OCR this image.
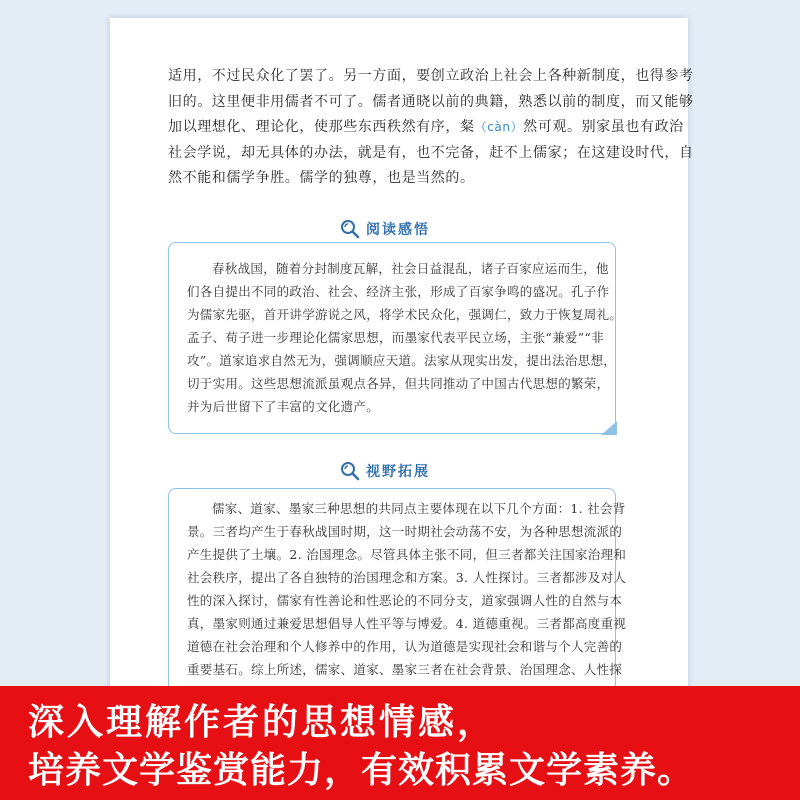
适用，不过民众化了罢了。另一方面，要创立政治上社会上各种新制度，也得参考
旧的。这里便非用儒者不可了。儒者通晓以前的典籍，熟悉以前的制度，而又能够
加以理想化、理论化，使那些东西秩然有序，粲（càn）然可观。别家虽也有政治
社会学说，却无具体的办法，就是有，也不完备，赶不上儒家；在这建设时代，自
然不能和儒学争胜。儒学的独尊，也是当然的。
阅读感悟
春秋战国，随着分封制度瓦解，社会日益混乱，诸子百家应运而生，他
们各自提出不同的政治、社会、经济主张，形成了百家争鸣的盛况。孔子作
为儒家先驱，首开讲学游说之风，将学术民众化，强调仁，致力于恢复周礼。
孟子、荀子进一步理论化儒家思想，而墨家代表平民立场，主张“兼爱”“非
攻”。道家追求自然无为，强调顺应天道。法家从现实出发，提出法治思想，
切于实用。这些思想流派虽观点各异，但共同推动了中国古代思想的繁荣，
并为后世留下了丰富的文化遗产。
视野拓展
儒家、道家、墨家三种思想的共同点主要体现在以下几个方面：1. 社会背
景。三者均产生于春秋战国时期，这一时期社会动荡不安，为各种思想流派的
产生提供了土壤。2. 治国理念。尽管具体主张不同，但三者都关注国家治理和
社会秩序，提出了各自独特的治国理念和方案。3. 人性探讨。三者都涉及对人
性的深入探讨，儒家有性善论和性恶论的不同分支，道家强调人性的自然与本
真，墨家则通过兼爱思想倡导人性平等与博爱。4. 道德重视。三者都高度重视
道德在社会治理和个人修养中的作用，认为道德是实现社会和谐与个人完善的
重要基石。综上所述，儒家、道家、墨家三者在社会背景、治国理念、人性探
深入理解作者的思想情感，
培养文学鉴赏能力，有效积累文学素养。
